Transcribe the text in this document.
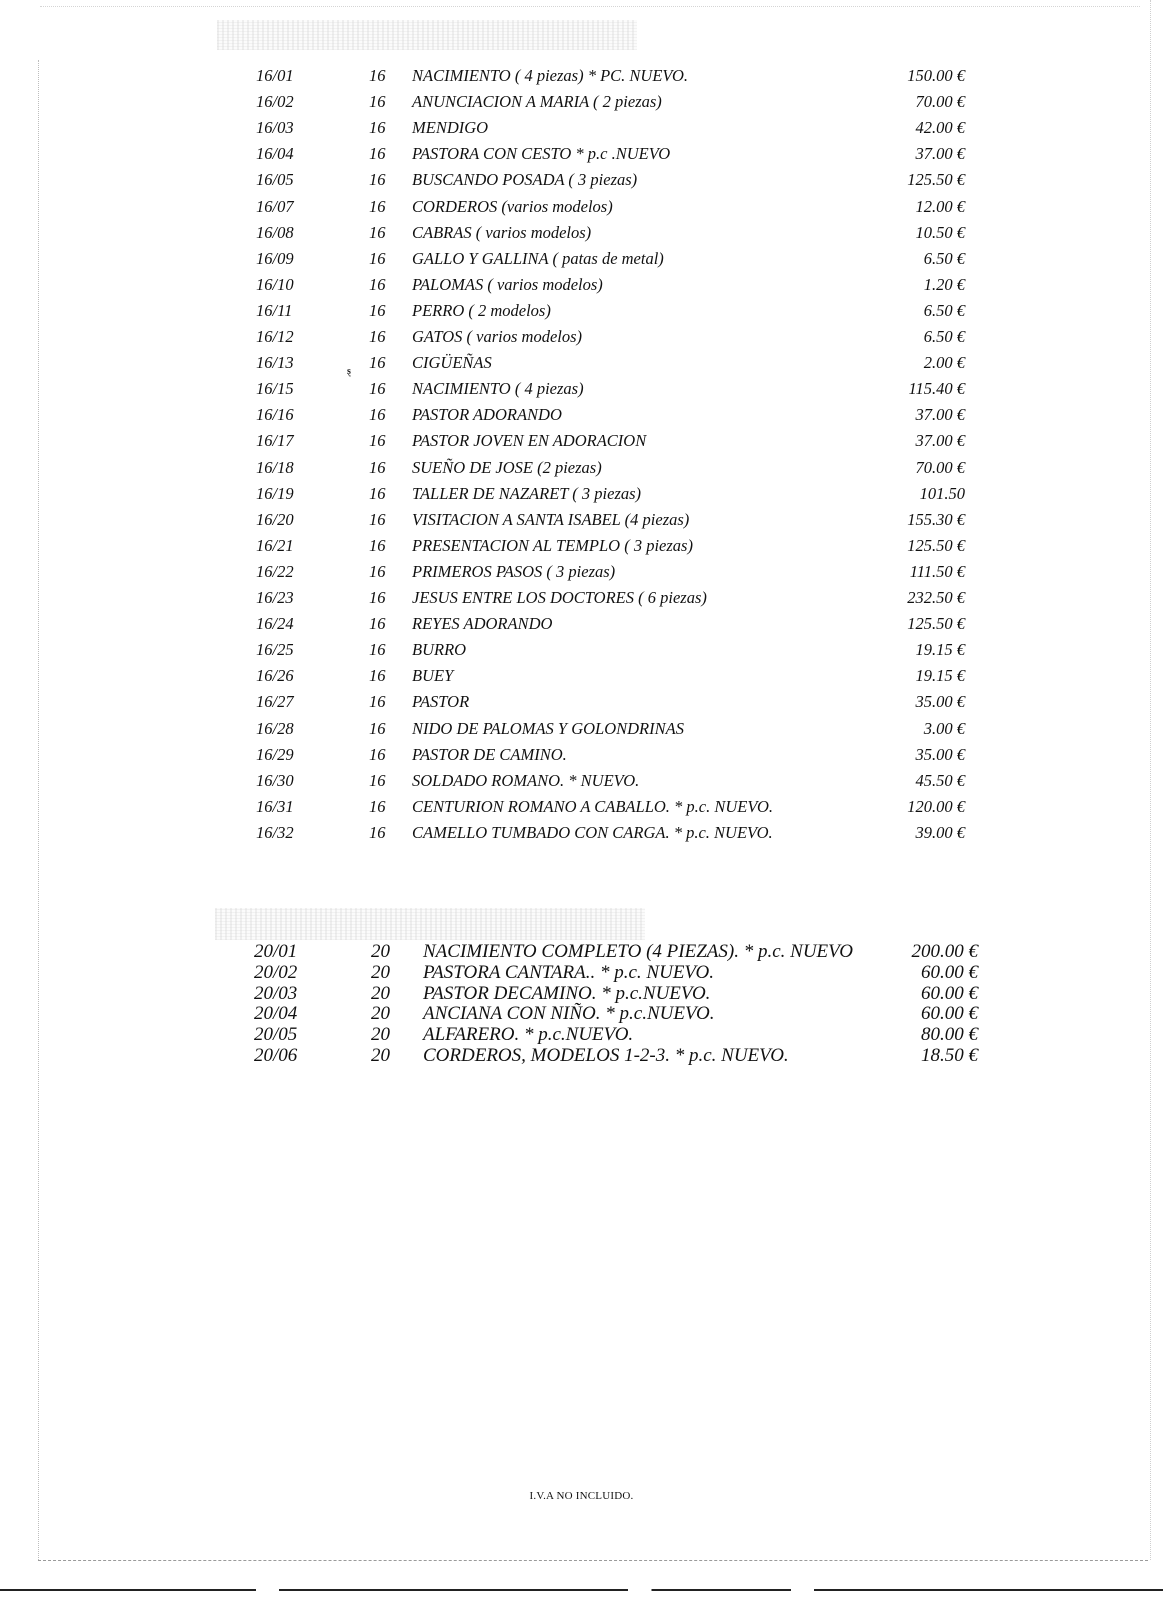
16/01	16 NACIMIENTO ( 4 piezas) * PC. NUEVO.	150.00 €
16/02	16 ANUNCIACION A MARIA ( 2 piezas)	70.00 €
16/03	16 MENDIGO	42.00 €
16/04	16 PASTORA CON CESTO * p.c .NUEVO	37.00 €
16/05	16 BUSCANDO POSADA ( 3 piezas)	125.50 €
16/07	16 CORDEROS (varios modelos)	12.00 €
16/08	16 CABRAS ( varios modelos)	10.50 €
16/09	16 GALLO Y GALLINA ( patas de metal)	6.50 €
16/10	16 PALOMAS ( varios modelos)	1.20 €
16/11	16 PERRO ( 2 modelos)	6.50 €
16/12	16 GATOS ( varios modelos)	6.50 €
16/13	16 CIGÜEÑAS	2.00 €
16/15	16 NACIMIENTO ( 4 piezas)	115.40 €
16/16	16 PASTOR ADORANDO	37.00 €
16/17	16 PASTOR JOVEN EN ADORACION	37.00 €
16/18	16 SUEÑO DE JOSE (2 piezas)	70.00 €
16/19	16 TALLER DE NAZARET ( 3 piezas)	101.50
16/20	16 VISITACION A SANTA ISABEL (4 piezas)	155.30 €
16/21	16 PRESENTACION AL TEMPLO ( 3 piezas)	125.50 €
16/22	16 PRIMEROS PASOS ( 3 piezas)	111.50 €
16/23	16 JESUS ENTRE LOS DOCTORES ( 6 piezas)	232.50 €
16/24	16 REYES ADORANDO	125.50 €
16/25	16 BURRO	19.15 €
16/26	16 BUEY	19.15 €
16/27	16 PASTOR	35.00 €
16/28	16 NIDO DE PALOMAS Y GOLONDRINAS	3.00 €
16/29	16 PASTOR DE CAMINO.	35.00 €
16/30	16 SOLDADO ROMANO. * NUEVO.	45.50 €
16/31	16 CENTURION ROMANO A CABALLO. * p.c. NUEVO.	120.00 €
16/32	16 CAMELLO TUMBADO CON CARGA. * p.c. NUEVO.	39.00 €
20/01	20 NACIMIENTO COMPLETO (4 PIEZAS). * p.c. NUEVO	200.00 €
20/02	20 PASTORA CANTARA.. * p.c. NUEVO.	60.00 €
20/03	20 PASTOR DECAMINO. * p.c.NUEVO.	60.00 €
20/04	20 ANCIANA CON NIÑO. * p.c.NUEVO.	60.00 €
20/05	20 ALFARERO. * p.c.NUEVO.	80.00 €
20/06	20 CORDEROS, MODELOS 1-2-3. * p.c. NUEVO.	18.50 €
ȿ
I.V.A NO INCLUIDO.
